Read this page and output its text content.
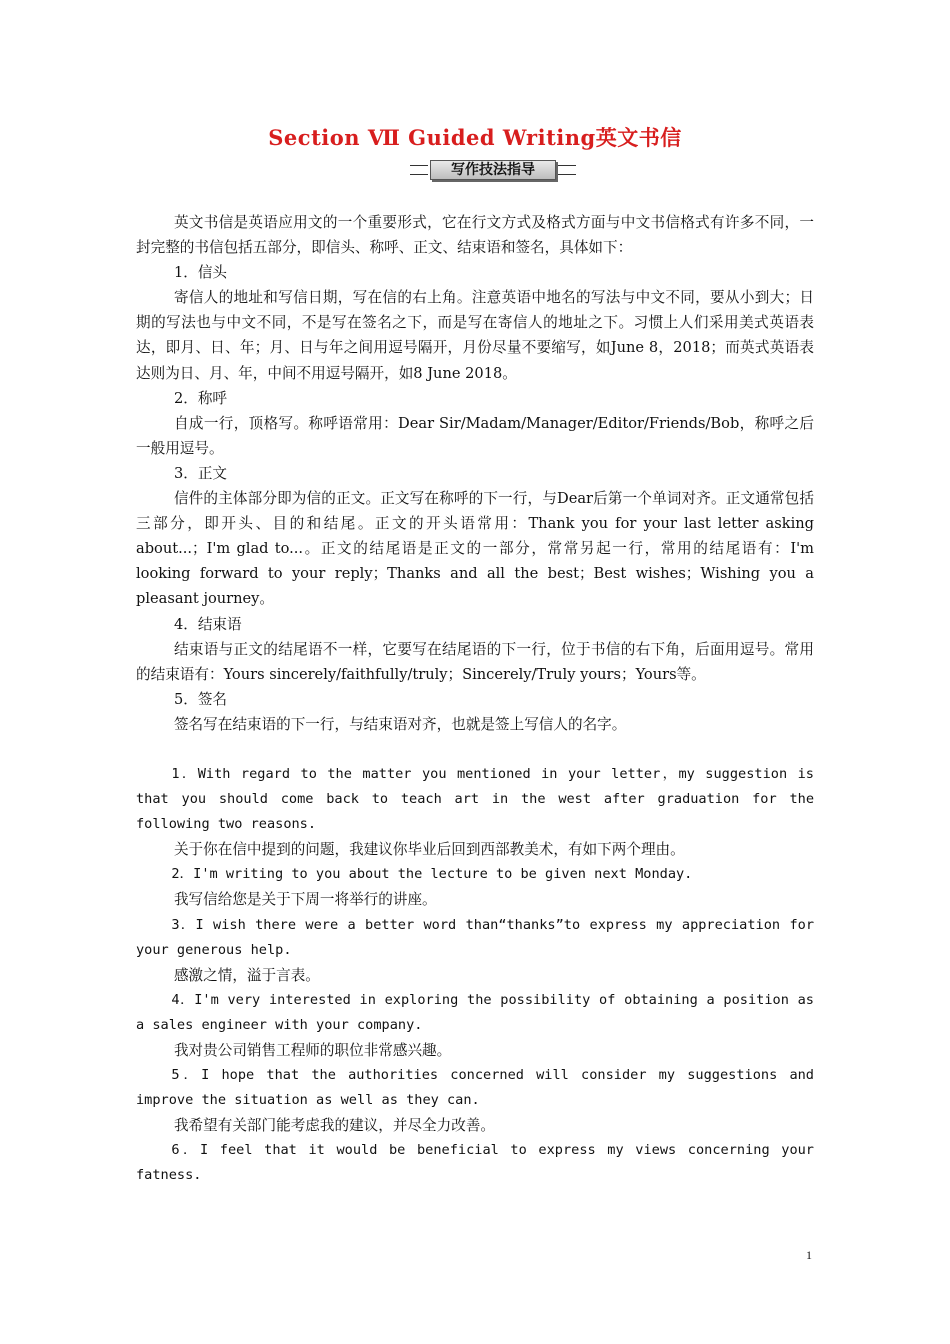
Section Ⅶ Guided Writing英文书信
写作技法指导

英文书信是英语应用文的一个重要形式，它在行文方式及格式方面与中文书信格式有许多不同，一封完整的书信包括五部分，即信头、称呼、正文、结束语和签名，具体如下：

1．信头

寄信人的地址和写信日期，写在信的右上角。注意英语中地名的写法与中文不同，要从小到大；日期的写法也与中文不同，不是写在签名之下，而是写在寄信人的地址之下。习惯上人们采用美式英语表达，即月、日、年；月、日与年之间用逗号隔开，月份尽量不要缩写，如June 8，2018；而英式英语表达则为日、月、年，中间不用逗号隔开，如8 June 2018。

2．称呼

自成一行，顶格写。称呼语常用：Dear Sir/Madam/Manager/Editor/Friends/Bob，称呼之后一般用逗号。

3．正文

信件的主体部分即为信的正文。正文写在称呼的下一行，与Dear后第一个单词对齐。正文通常包括三部分，即开头、目的和结尾。正文的开头语常用：Thank you for your last letter asking about...；I'm glad to...。正文的结尾语是正文的一部分，常常另起一行，常用的结尾语有：I'm looking forward to your reply；Thanks and all the best；Best wishes；Wishing you a pleasant journey。

4．结束语

结束语与正文的结尾语不一样，它要写在结尾语的下一行，位于书信的右下角，后面用逗号。常用的结束语有：Yours sincerely/faithfully/truly；Sincerely/Truly yours；Yours等。

5．签名

签名写在结束语的下一行，与结束语对齐，也就是签上写信人的名字。

1．With regard to the matter you mentioned in your letter，my suggestion is that you should come back to teach art in the west after graduation for the following two reasons.

关于你在信中提到的问题，我建议你毕业后回到西部教美术，有如下两个理由。

2．I'm writing to you about the lecture to be given next Monday.

我写信给您是关于下周一将举行的讲座。

3．I wish there were a better word than“thanks”to express my appreciation for your generous help.

感激之情，溢于言表。

4．I'm very interested in exploring the possibility of obtaining a position as a sales engineer with your company.

我对贵公司销售工程师的职位非常感兴趣。

5．I hope that the authorities concerned will consider my suggestions and improve the situation as well as they can.

我希望有关部门能考虑我的建议，并尽全力改善。

6．I feel that it would be beneficial to express my views concerning your fatness.

1
